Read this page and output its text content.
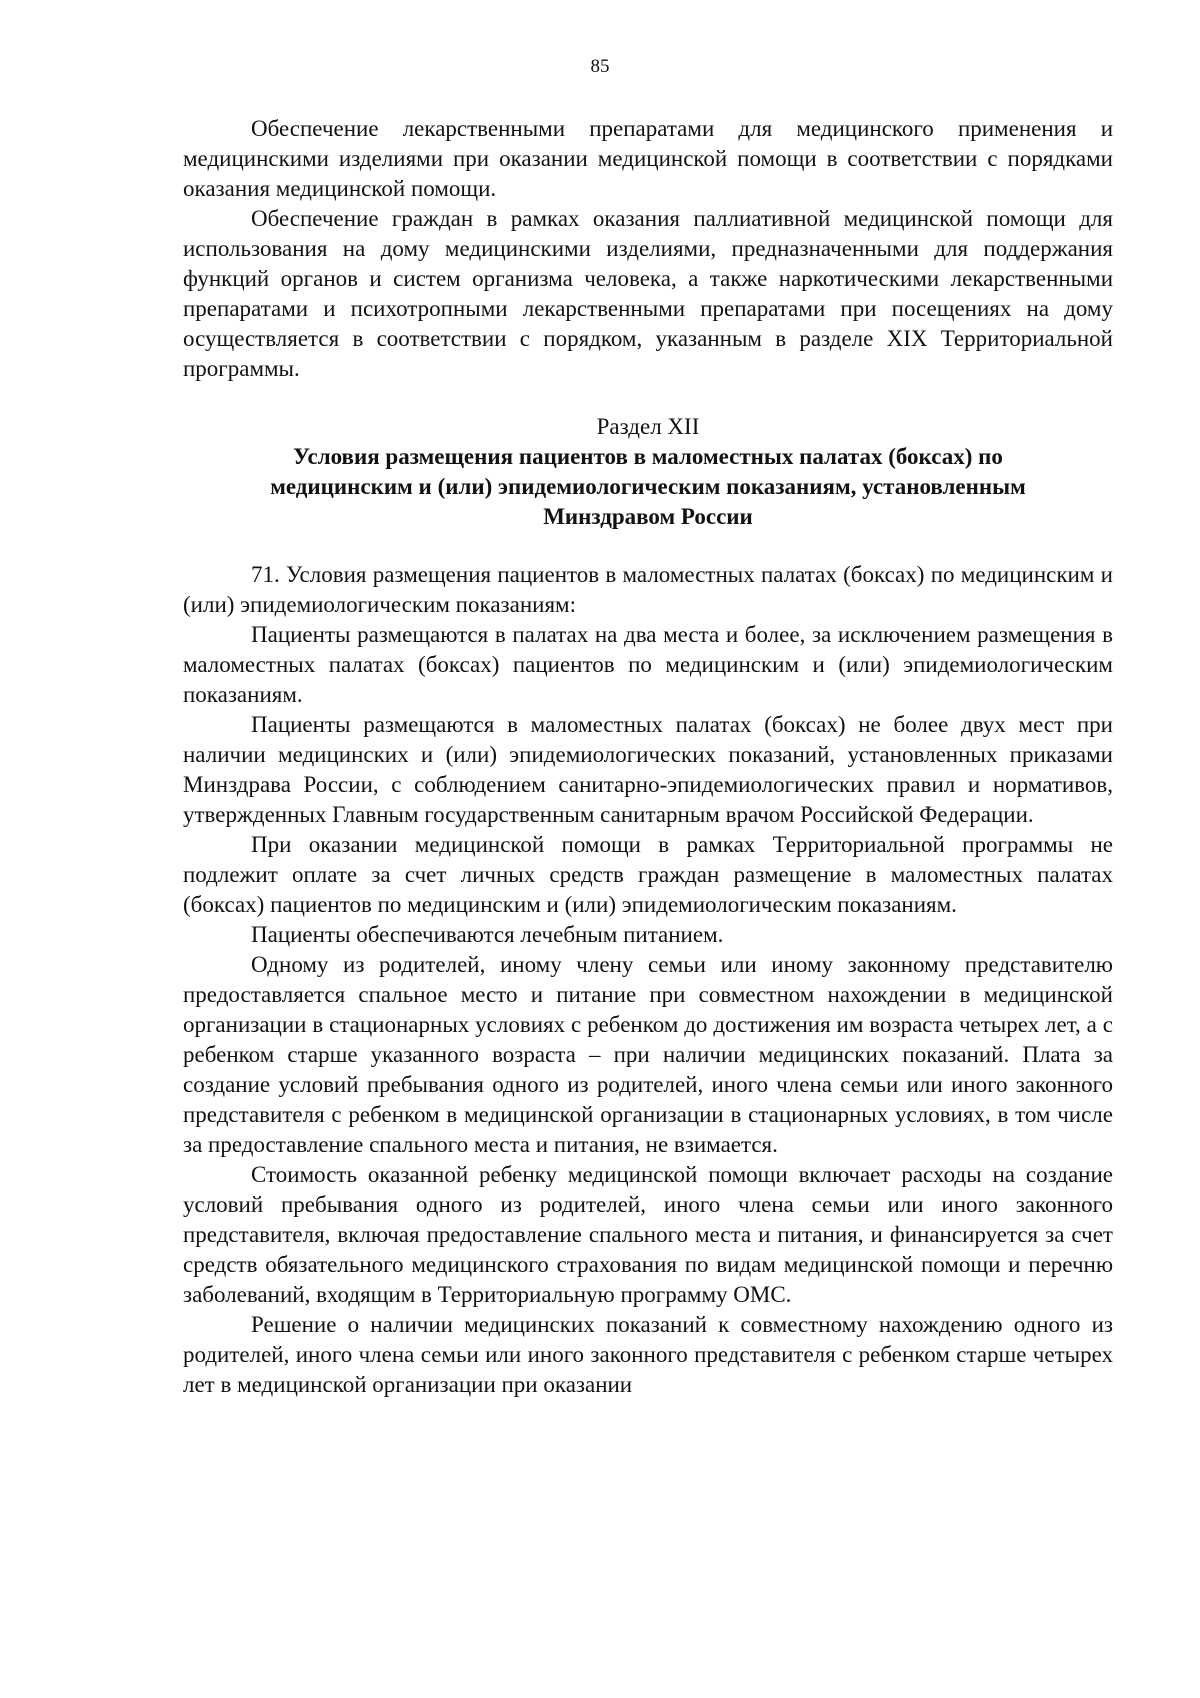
85

Обеспечение лекарственными препаратами для медицинского применения и медицинскими изделиями при оказании медицинской помощи в соответствии с порядками оказания медицинской помощи.

Обеспечение граждан в рамках оказания паллиативной медицинской помощи для использования на дому медицинскими изделиями, предназначенными для поддержания функций органов и систем организма человека, а также наркотическими лекарственными препаратами и психотропными лекарственными препаратами при посещениях на дому осуществляется в соответствии с порядком, указанным в разделе XIX Территориальной программы.

Раздел XII
Условия размещения пациентов в маломестных палатах (боксах) по медицинским и (или) эпидемиологическим показаниям, установленным Минздравом России

71. Условия размещения пациентов в маломестных палатах (боксах) по медицинским и (или) эпидемиологическим показаниям:

Пациенты размещаются в палатах на два места и более, за исключением размещения в маломестных палатах (боксах) пациентов по медицинским и (или) эпидемиологическим показаниям.

Пациенты размещаются в маломестных палатах (боксах) не более двух мест при наличии медицинских и (или) эпидемиологических показаний, установленных приказами Минздрава России, с соблюдением санитарно-эпидемиологических правил и нормативов, утвержденных Главным государственным санитарным врачом Российской Федерации.

При оказании медицинской помощи в рамках Территориальной программы не подлежит оплате за счет личных средств граждан размещение в маломестных палатах (боксах) пациентов по медицинским и (или) эпидемиологическим показаниям.

Пациенты обеспечиваются лечебным питанием.

Одному из родителей, иному члену семьи или иному законному представителю предоставляется спальное место и питание при совместном нахождении в медицинской организации в стационарных условиях с ребенком до достижения им возраста четырех лет, а с ребенком старше указанного возраста – при наличии медицинских показаний. Плата за создание условий пребывания одного из родителей, иного члена семьи или иного законного представителя с ребенком в медицинской организации в стационарных условиях, в том числе за предоставление спального места и питания, не взимается.

Стоимость оказанной ребенку медицинской помощи включает расходы на создание условий пребывания одного из родителей, иного члена семьи или иного законного представителя, включая предоставление спального места и питания, и финансируется за счет средств обязательного медицинского страхования по видам медицинской помощи и перечню заболеваний, входящим в Территориальную программу ОМС.

Решение о наличии медицинских показаний к совместному нахождению одного из родителей, иного члена семьи или иного законного представителя с ребенком старше четырех лет в медицинской организации при оказании
